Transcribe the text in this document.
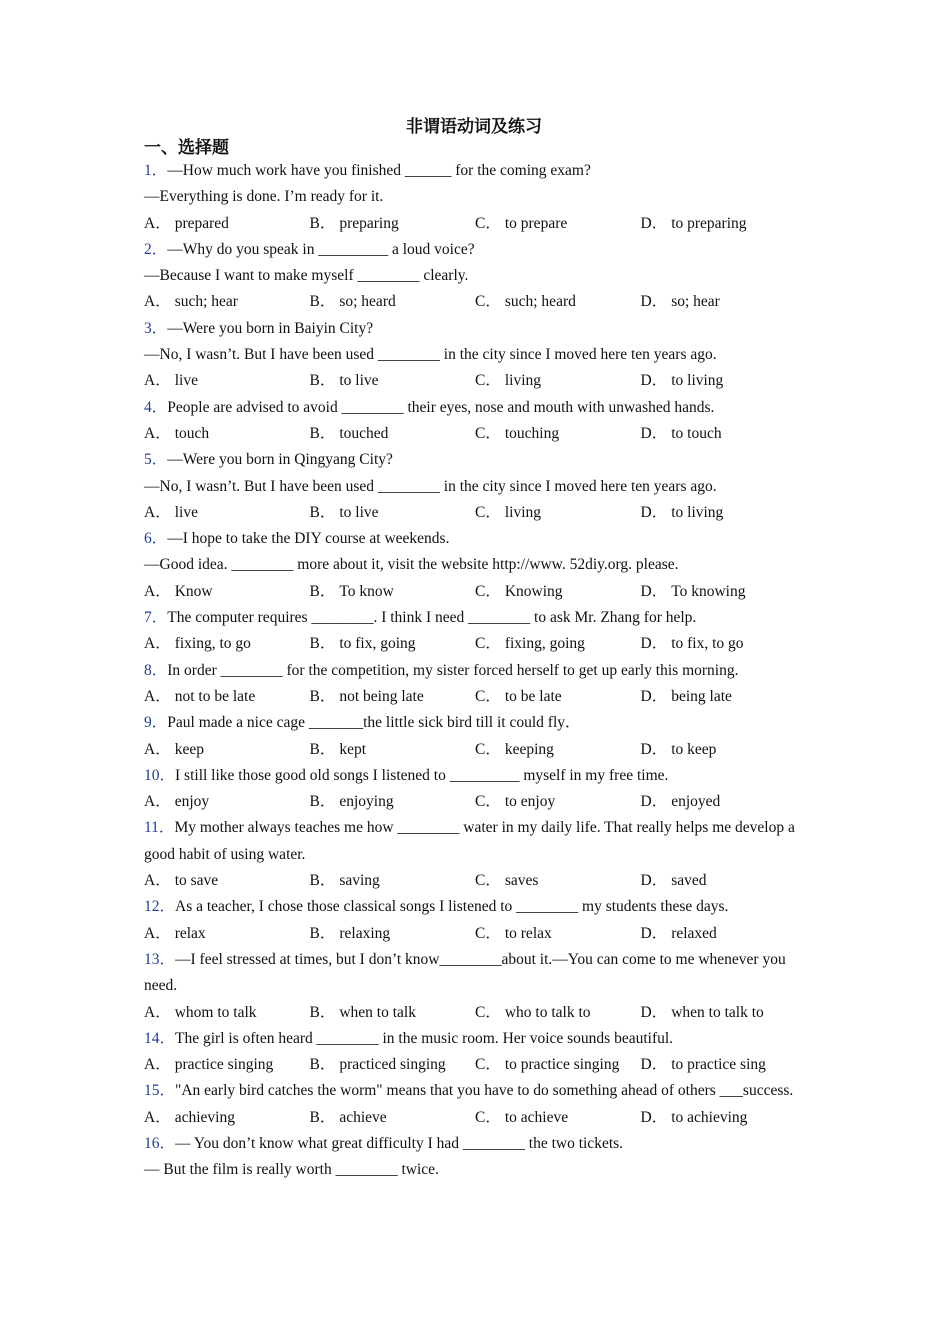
非谓语动词及练习
一、选择题
1．—How much work have you finished ______ for the coming exam?
—Everything is done. I’m ready for it.
A． prepared	B． preparing	C． to prepare	D． to preparing
2．—Why do you speak in _________ a loud voice?
—Because I want to make myself ________ clearly.
A． such; hear	B． so; heard	C． such; heard	D． so; hear
3．—Were you born in Baiyin City?
—No, I wasn’t. But I have been used ________ in the city since I moved here ten years ago.
A． live	B． to live	C． living	D． to living
4．People are advised to avoid ________ their eyes, nose and mouth with unwashed hands.
A． touch	B． touched	C． touching	D． to touch
5．—Were you born in Qingyang City?
—No, I wasn’t. But I have been used ________ in the city since I moved here ten years ago.
A． live	B． to live	C． living	D． to living
6．—I hope to take the DIY course at weekends.
—Good idea. ________ more about it, visit the website http://www. 52diy.org. please.
A． Know	B． To know	C． Knowing	D． To knowing
7．The computer requires ________. I think I need ________ to ask Mr. Zhang for help.
A． fixing, to go	B． to fix, going	C． fixing, going	D． to fix, to go
8．In order ________ for the competition, my sister forced herself to get up early this morning.
A． not to be late	B． not being late	C． to be late	D． being late
9．Paul made a nice cage _______the little sick bird till it could fly．
A． keep	B． kept	C． keeping	D． to keep
10．I still like those good old songs I listened to _________ myself in my free time.
A． enjoy	B． enjoying	C． to enjoy	D． enjoyed
11．My mother always teaches me how ________ water in my daily life. That really helps me develop a good habit of using water.
A． to save	B． saving	C． saves	D． saved
12．As a teacher, I chose those classical songs I listened to ________ my students these days.
A． relax	B． relaxing	C． to relax	D． relaxed
13．—I feel stressed at times, but I don’t know________about it.—You can come to me whenever you need.
A． whom to talk	B． when to talk	C． who to talk to	D． when to talk to
14．The girl is often heard ________ in the music room. Her voice sounds beautiful.
A． practice singing	B． practiced singing	C． to practice singing	D． to practice sing
15．"An early bird catches the worm" means that you have to do something ahead of others ___success.
A． achieving	B． achieve	C． to achieve	D． to achieving
16．— You don’t know what great difficulty I had ________ the two tickets.
— But the film is really worth ________ twice.
